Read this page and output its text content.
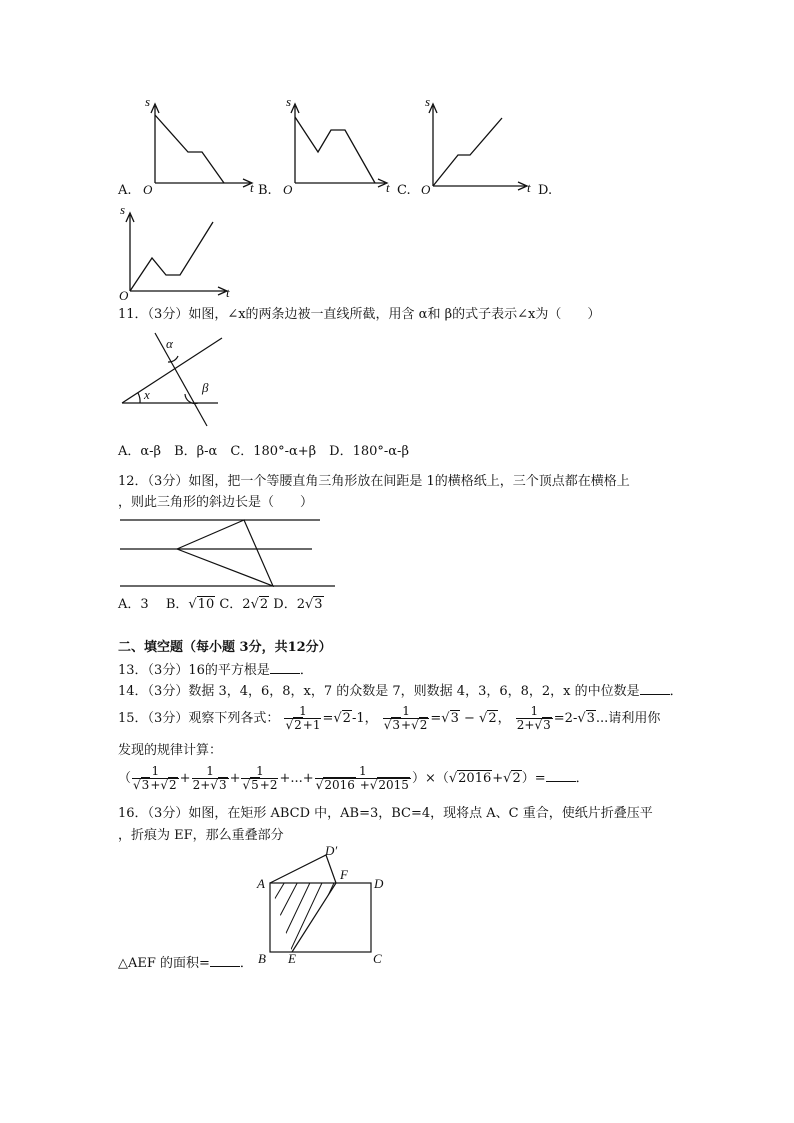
s
t
O
A.
s
t
O
B.
s
t
O
C.	D.
s
t
O
11．（3分）如图，∠x的两条边被一直线所截，用含 α和 β的式子表示∠x为（　　）
α
β
x
A．α-β　B．β-α　C．180°-α+β　D．180°-α-β
12．（3分）如图，把一个等腰直角三角形放在间距是 1的横格纸上，三个顶点都在横格上
，则此三角形的斜边长是（　　）
A．3  B．√10 C．2√2 D．2√3
二、填空题（每小题 3分，共12分）
13．（3分）16的平方根是 ．
14．（3分）数据 3，4，6，8，x，7 的众数是 7，则数据 4，3，6，8，2，x 的中位数是 ．
15．（3分）观察下列各式： $\frac{1}{√2+1} =√2-1$， $\frac{1}{√3+√2} =√3 - √2$， $\frac{1}{2+√3} =2-√3$...请利用你
发现的规律计算：
（ $\frac{1}{√3+√2} + \frac{1}{2+√3} + \frac{1}{√5+2}$ +...+ $\frac{1}{√2016 +√2015} )\times(√2016+√2)=$ ．
16．（3分）如图，在矩形 ABCD 中，AB=3，BC=4，现将点 A、C 重合，使纸片折叠压平
，折痕为 EF，那么重叠部分
A	D
F
D′
B E	C
△AEF 的面积= ．
